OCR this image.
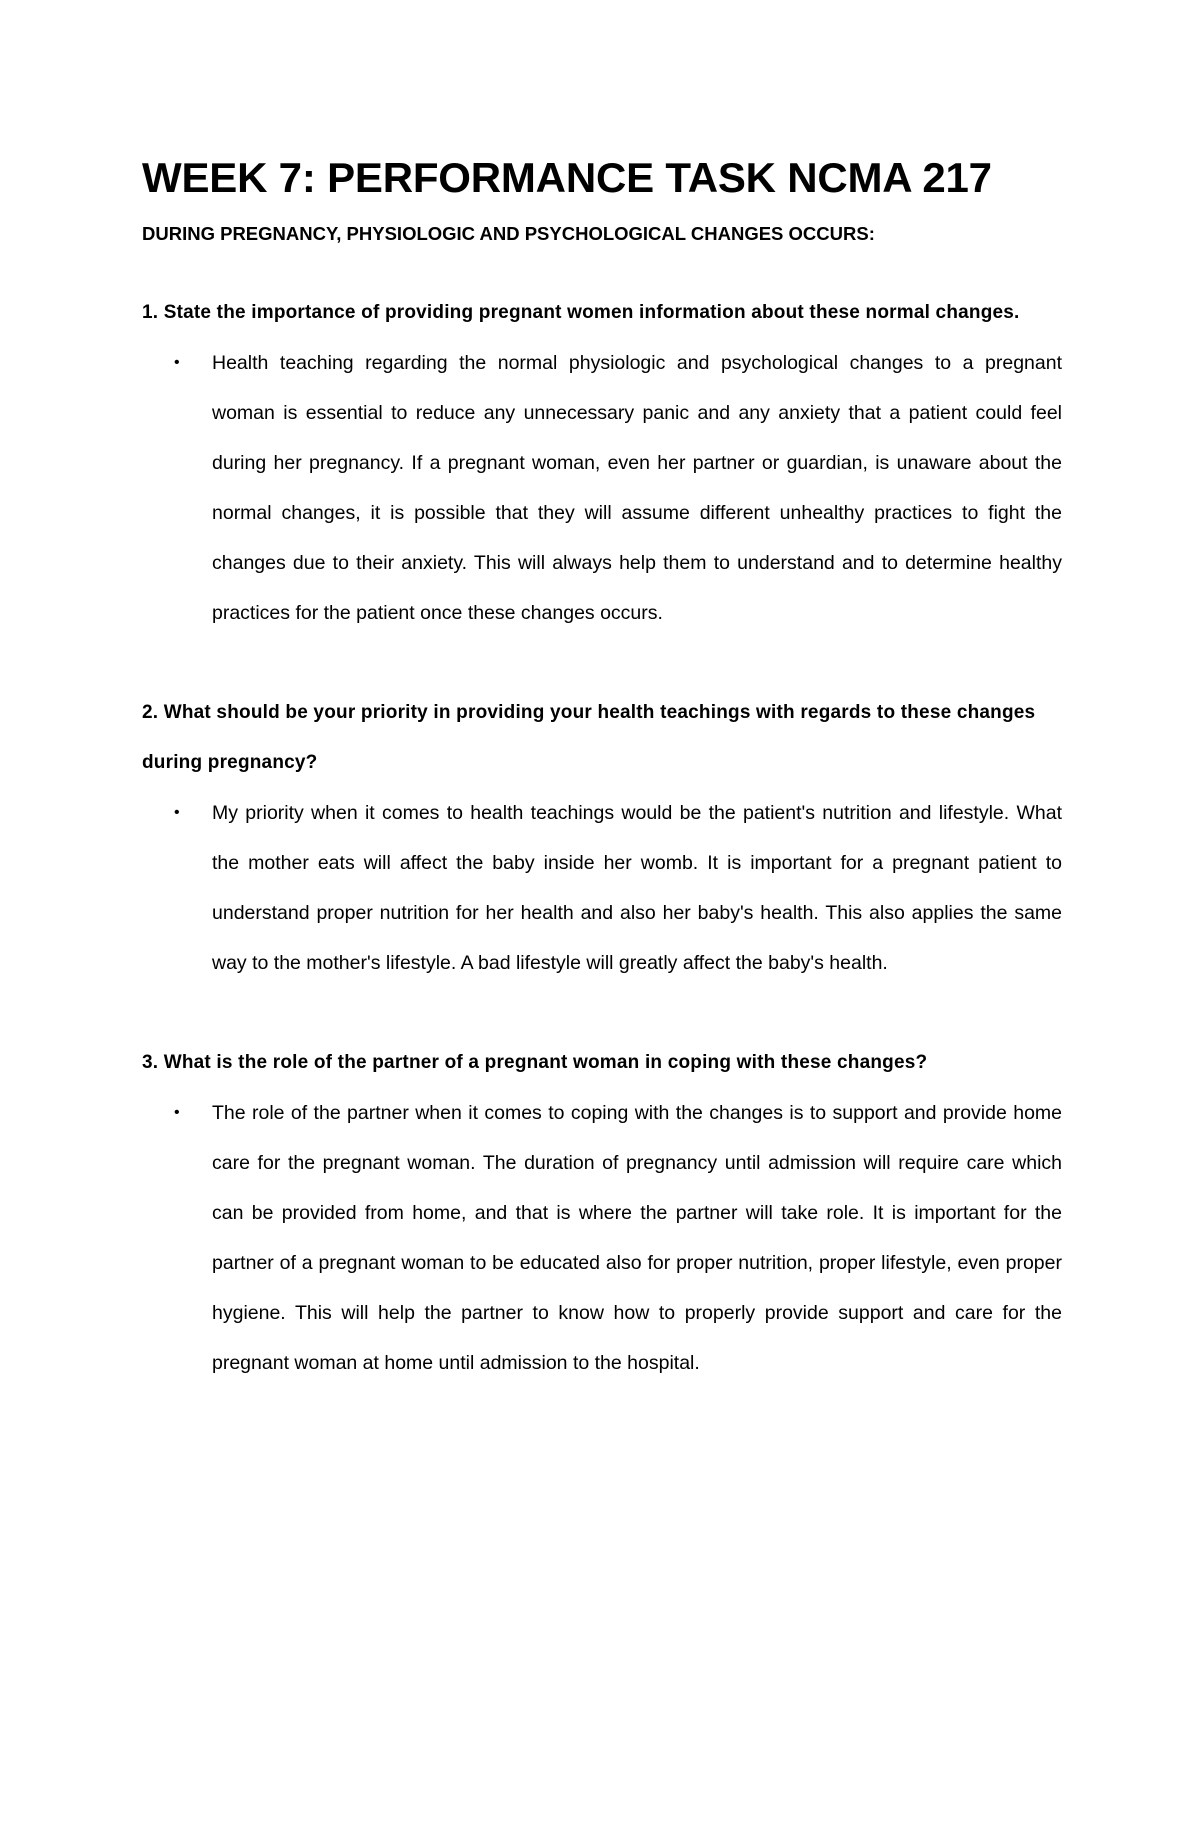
WEEK 7: PERFORMANCE TASK NCMA 217

DURING PREGNANCY, PHYSIOLOGIC AND PSYCHOLOGICAL CHANGES OCCURS:

1. State the importance of providing pregnant women information about these normal changes.

• Health teaching regarding the normal physiologic and psychological changes to a pregnant woman is essential to reduce any unnecessary panic and any anxiety that a patient could feel during her pregnancy. If a pregnant woman, even her partner or guardian, is unaware about the normal changes, it is possible that they will assume different unhealthy practices to fight the changes due to their anxiety. This will always help them to understand and to determine healthy practices for the patient once these changes occurs.

2. What should be your priority in providing your health teachings with regards to these changes during pregnancy?

• My priority when it comes to health teachings would be the patient's nutrition and lifestyle. What the mother eats will affect the baby inside her womb. It is important for a pregnant patient to understand proper nutrition for her health and also her baby's health. This also applies the same way to the mother's lifestyle. A bad lifestyle will greatly affect the baby's health.

3. What is the role of the partner of a pregnant woman in coping with these changes?

• The role of the partner when it comes to coping with the changes is to support and provide home care for the pregnant woman. The duration of pregnancy until admission will require care which can be provided from home, and that is where the partner will take role. It is important for the partner of a pregnant woman to be educated also for proper nutrition, proper lifestyle, even proper hygiene. This will help the partner to know how to properly provide support and care for the pregnant woman at home until admission to the hospital.
